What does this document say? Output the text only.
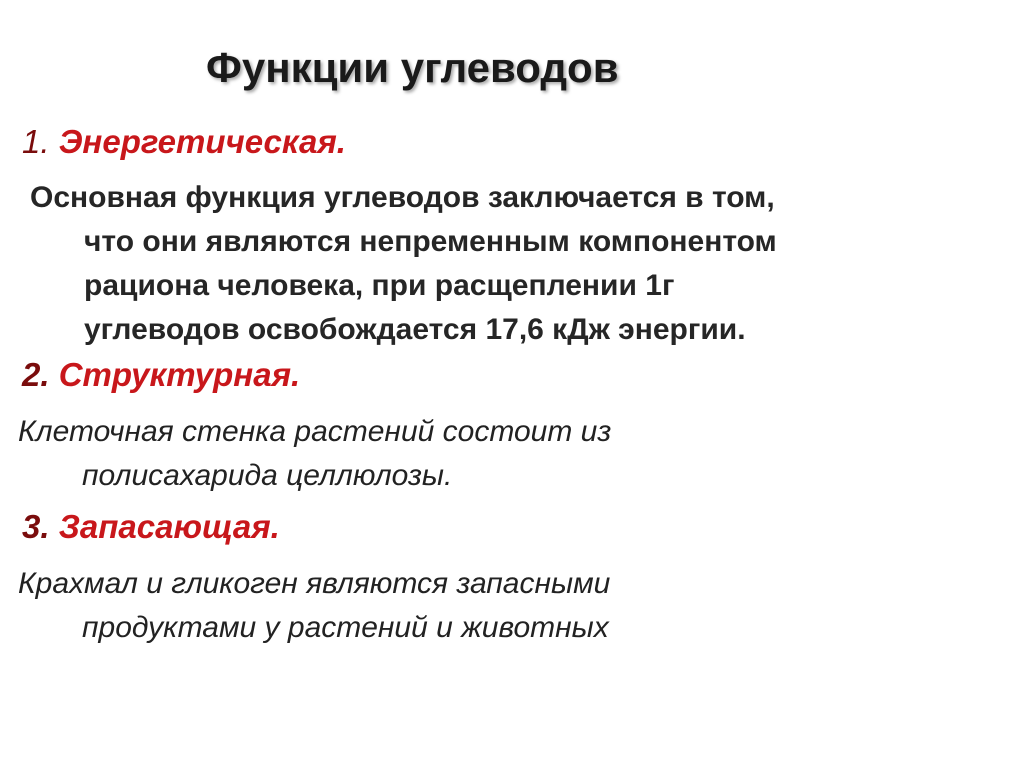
Функции углеводов
1. Энергетическая.
Основная функция углеводов заключается в том,
что они являются непременным компонентом
рациона человека, при расщеплении 1г
углеводов освобождается 17,6 кДж энергии.
2. Структурная.
Клеточная стенка растений состоит из
полисахарида целлюлозы.
3. Запасающая.
Крахмал и гликоген являются запасными
продуктами у растений и животных
